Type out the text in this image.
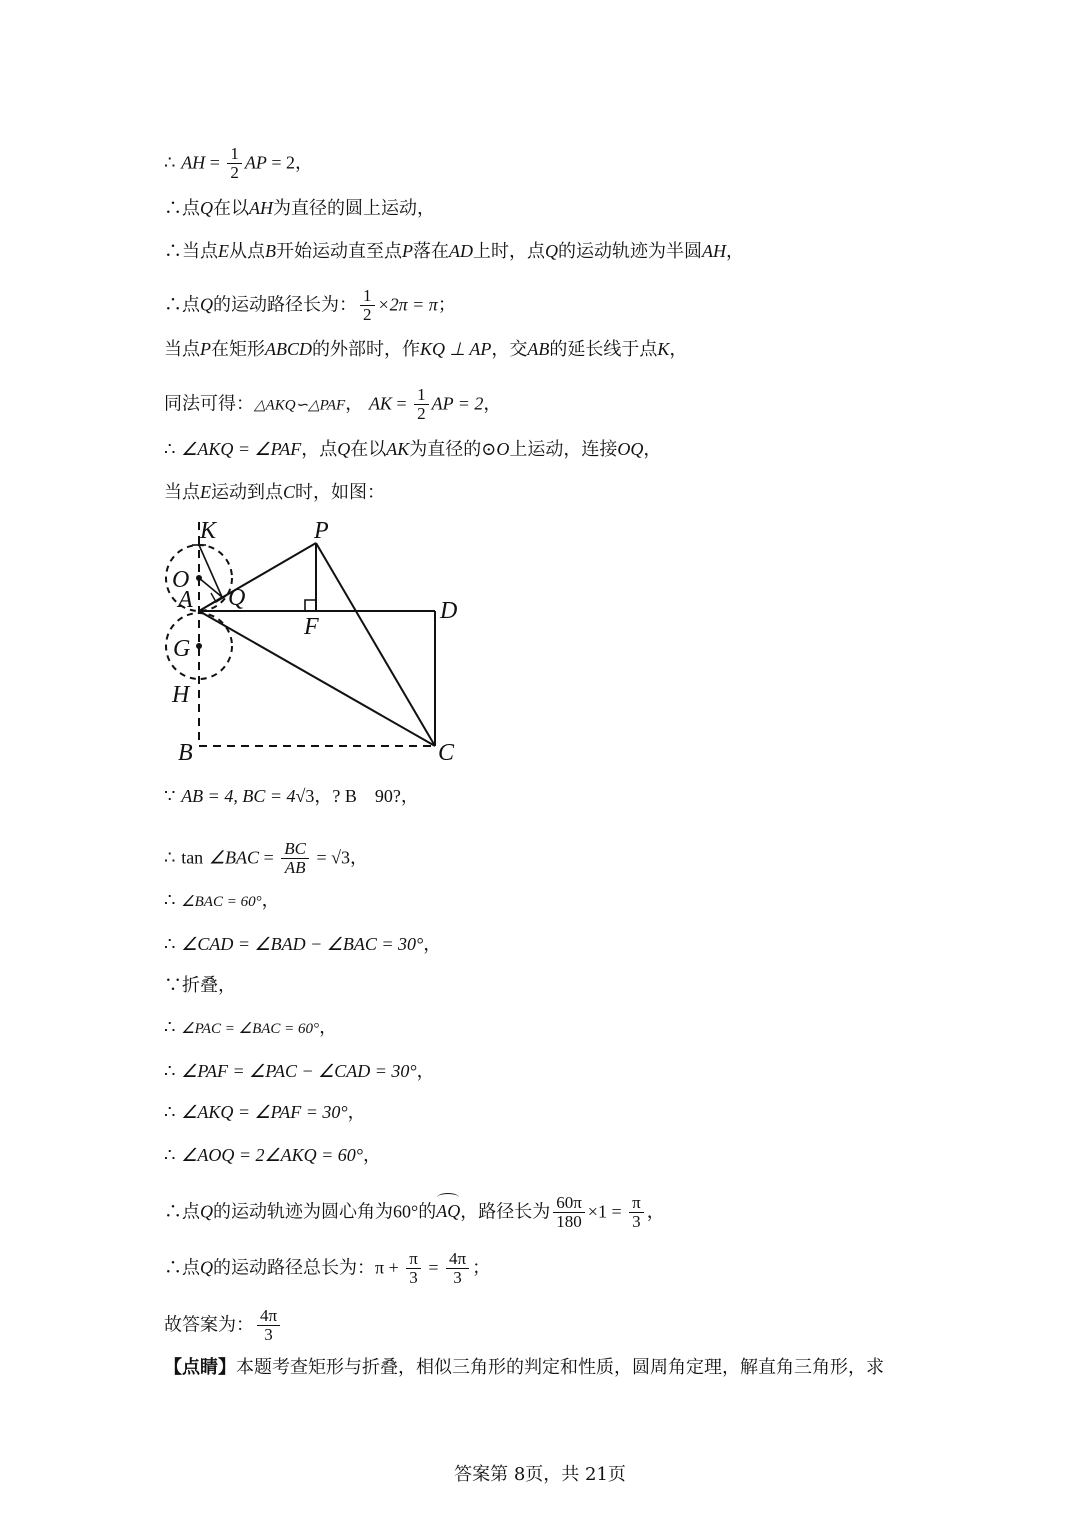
∴ AH = $\frac{1}{2}$ AP = 2，
∴点Q在以AH为直径的圆上运动，
∴当点E从点B开始运动直至点P落在AD上时，点Q的运动轨迹为半圆AH，
∴点Q的运动路径长为： $\frac{1}{2} \times 2\pi = \pi$；
当点P在矩形ABCD的外部时，作KQ ⊥ AP，交AB的延长线于点K，
同法可得：△AKQ∽△PAF， AK = $\frac{1}{2}$ AP = 2，
∴ ∠AKQ = ∠PAF，点Q在以AK为直径的⊙O上运动，连接OQ，
当点E运动到点C时，如图：
K	P
O
A Q	D
F
G
H
B	C
∵ AB = 4, BC = 4√3，? B　90?，
∴ tan ∠BAC = $\frac{BC}{AB} = √3$，
∴ ∠BAC = 60°，
∴ ∠CAD = ∠BAD − ∠BAC = 30°，
∵折叠，
∴ ∠PAC = ∠BAC = 60°，
∴ ∠PAF = ∠PAC − ∠CAD = 30°，
∴ ∠AKQ = ∠PAF = 30°，
∴ ∠AOQ = 2∠AKQ = 60°，
∴点Q的运动轨迹为圆心角为60°的AQ，路径长为 $\frac{60\pi}{180} \times 1 = \frac{\pi}{3}$ ，
∴点Q的运动路径总长为：$\pi + \frac{\pi}{3} = \frac{4\pi}{3}$ ；
故答案为： $\frac{4\pi}{3}$
【点睛】本题考查矩形与折叠，相似三角形的判定和性质，圆周角定理，解直角三角形，求
答案第 8页，共 21页
